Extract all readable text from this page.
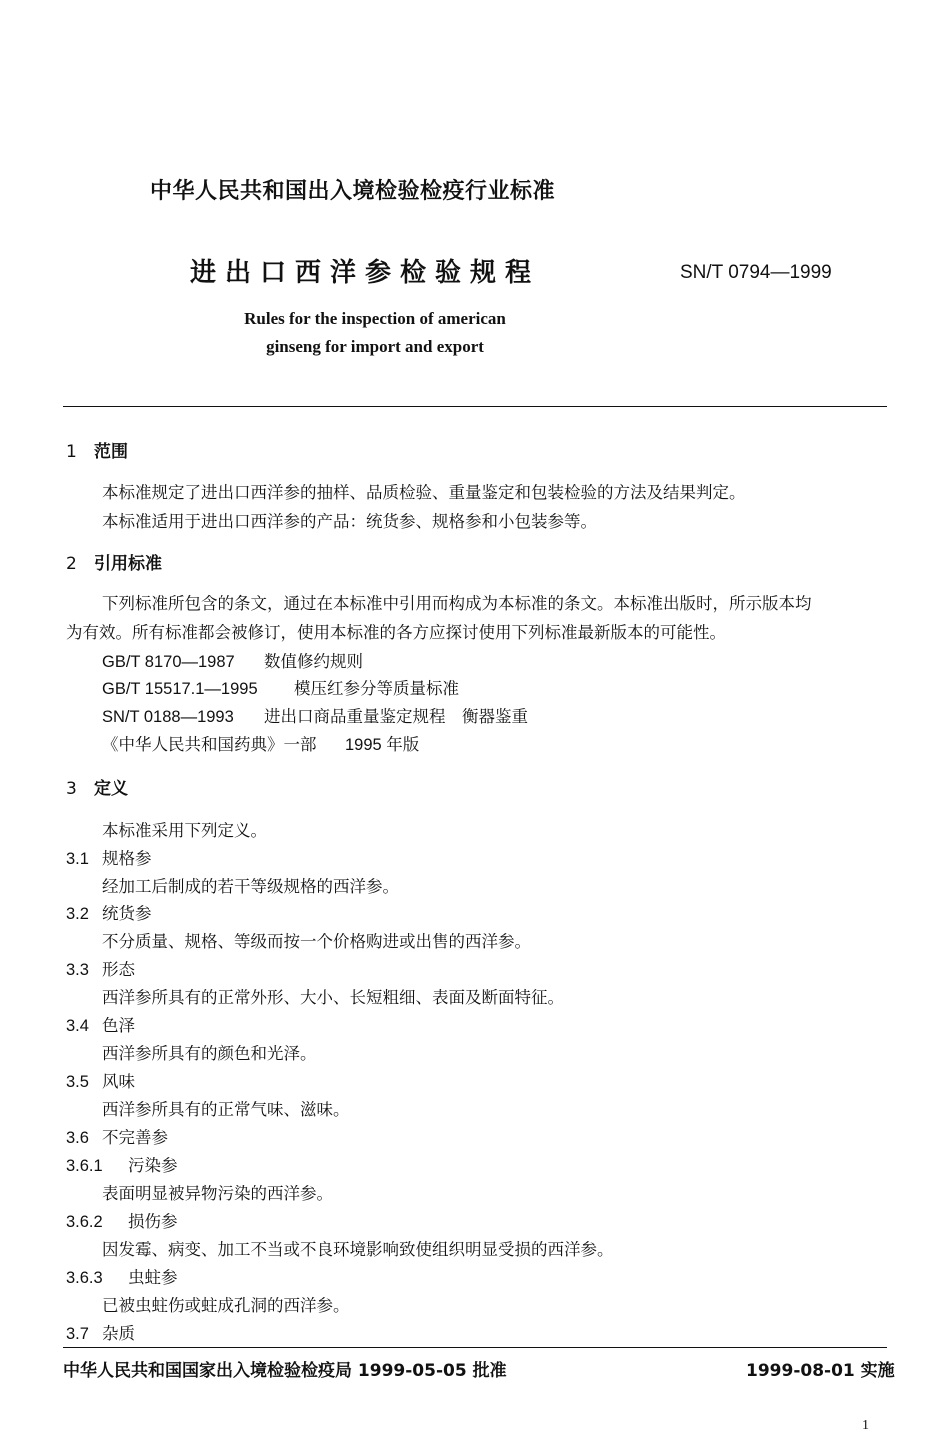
中华人民共和国出入境检验检疫行业标准
进出口西洋参检验规程	SN/T 0794—1999
Rules for the inspection of american
ginseng for import and export
1 范围
本标准规定了进出口西洋参的抽样、品质检验、重量鉴定和包装检验的方法及结果判定。
本标准适用于进出口西洋参的产品：统货参、规格参和小包装参等。
2 引用标准
下列标准所包含的条文，通过在本标准中引用而构成为本标准的条文。本标准出版时，所示版本均
为有效。所有标准都会被修订，使用本标准的各方应探讨使用下列标准最新版本的可能性。
GB/T 8170—1987 数值修约规则
GB/T 15517.1—1995 模压红参分等质量标准
SN/T 0188—1993 进出口商品重量鉴定规程　衡器鉴重
《中华人民共和国药典》一部 1995 年版
3 定义
本标准采用下列定义。
3.1 规格参
经加工后制成的若干等级规格的西洋参。
3.2 统货参
不分质量、规格、等级而按一个价格购进或出售的西洋参。
3.3 形态
西洋参所具有的正常外形、大小、长短粗细、表面及断面特征。
3.4 色泽
西洋参所具有的颜色和光泽。
3.5 风味
西洋参所具有的正常气味、滋味。
3.6 不完善参
3.6.1 污染参
表面明显被异物污染的西洋参。
3.6.2 损伤参
因发霉、病变、加工不当或不良环境影响致使组织明显受损的西洋参。
3.6.3 虫蛀参
已被虫蛀伤或蛀成孔洞的西洋参。
3.7 杂质
中华人民共和国国家出入境检验检疫局 1999-05-05 批准	1999-08-01 实施
1
